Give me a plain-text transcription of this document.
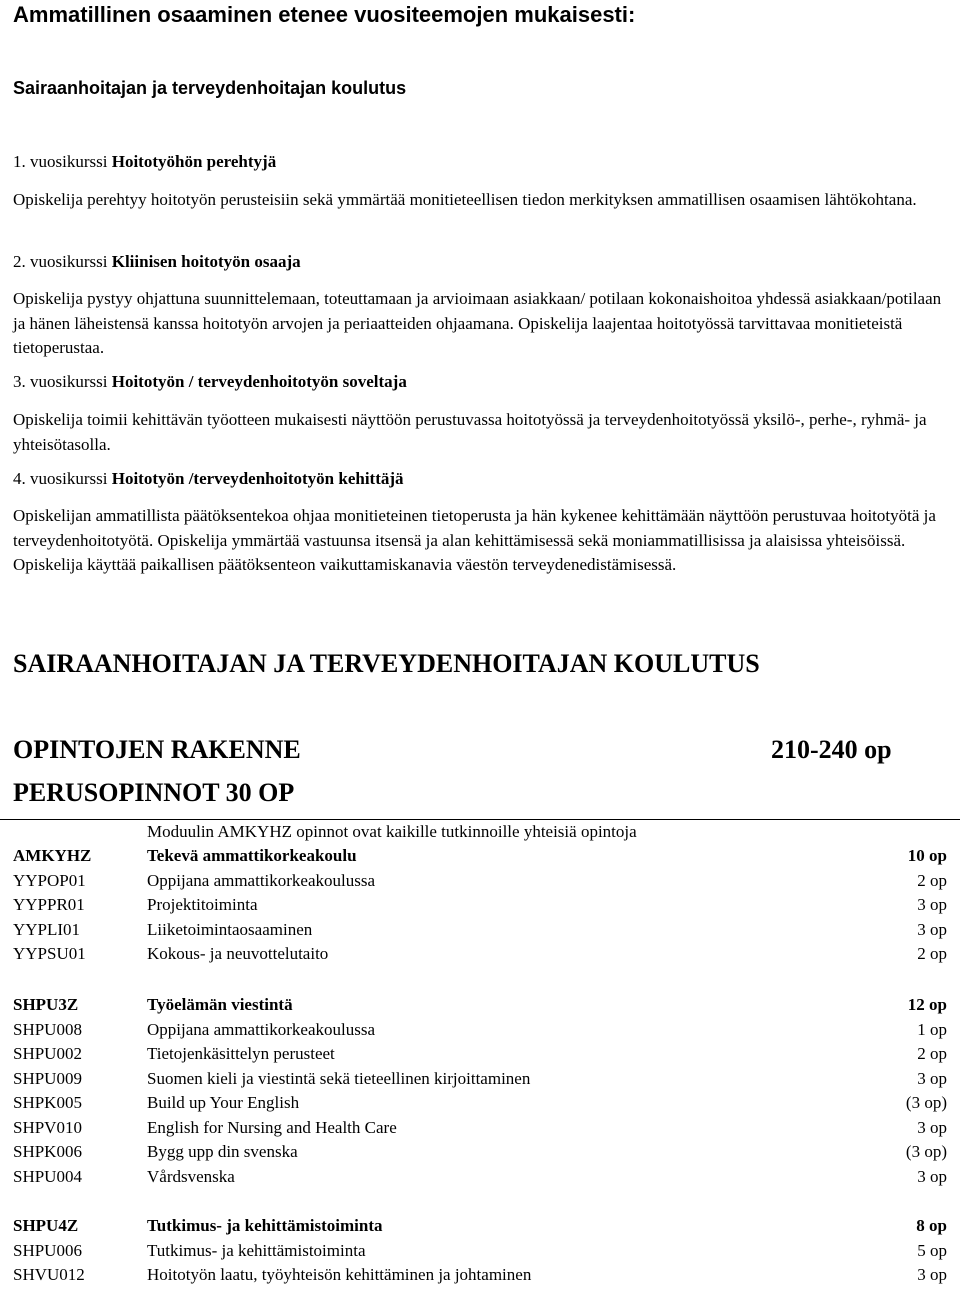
Ammatillinen osaaminen etenee vuositeemojen mukaisesti:
Sairaanhoitajan ja terveydenhoitajan koulutus
1. vuosikurssi Hoitotyöhön perehtyjä
Opiskelija perehtyy hoitotyön perusteisiin sekä ymmärtää monitieteellisen tiedon merkityksen ammatillisen osaamisen lähtökohtana.
2. vuosikurssi Kliinisen hoitotyön osaaja
Opiskelija pystyy ohjattuna suunnittelemaan, toteuttamaan ja arvioimaan asiakkaan/ potilaan kokonaishoitoa yhdessä asiakkaan/potilaan ja hänen läheistensä kanssa hoitotyön arvojen ja periaatteiden ohjaamana. Opiskelija laajentaa hoitotyössä tarvittavaa monitieteistä tietoperustaa.
3. vuosikurssi Hoitotyön / terveydenhoitotyön soveltaja
Opiskelija toimii kehittävän työotteen mukaisesti näyttöön perustuvassa hoitotyössä ja terveydenhoitotyössä yksilö-, perhe-, ryhmä- ja yhteisötasolla.
4. vuosikurssi Hoitotyön /terveydenhoitotyön kehittäjä
Opiskelijan ammatillista päätöksentekoa ohjaa monitieteinen tietoperusta ja hän kykenee kehittämään näyttöön perustuvaa hoitotyötä ja terveydenhoitotyötä. Opiskelija ymmärtää vastuunsa itsensä ja alan kehittämisessä sekä moniammatillisissa ja alaisissa yhteisöissä. Opiskelija käyttää paikallisen päätöksenteon vaikuttamiskanavia väestön terveydenedistämisessä.
SAIRAANHOITAJAN JA TERVEYDENHOITAJAN KOULUTUS
OPINTOJEN RAKENNE	210-240 op
PERUSOPINNOT 30 OP
Moduulin AMKYHZ opinnot ovat kaikille tutkinnoille yhteisiä opintoja
AMKYHZ	Tekevä ammattikorkeakoulu	10 op
YYPOP01	Oppijana ammattikorkeakoulussa	2 op
YYPPR01	Projektitoiminta	3 op
YYPLI01	Liiketoimintaosaaminen	3 op
YYPSU01	Kokous- ja neuvottelutaito	2 op
SHPU3Z	Työelämän viestintä	12 op
SHPU008	Oppijana ammattikorkeakoulussa	1 op
SHPU002	Tietojenkäsittelyn perusteet	2 op
SHPU009	Suomen kieli ja viestintä sekä tieteellinen kirjoittaminen	3 op
SHPK005	Build up Your English	(3 op)
SHPV010	English for Nursing and Health Care	3 op
SHPK006	Bygg upp din svenska	(3 op)
SHPU004	Vårdsvenska	3 op
SHPU4Z	Tutkimus- ja kehittämistoiminta	8 op
SHPU006	Tutkimus- ja kehittämistoiminta	5 op
SHVU012	Hoitotyön laatu, työyhteisön kehittäminen ja johtaminen	3 op
